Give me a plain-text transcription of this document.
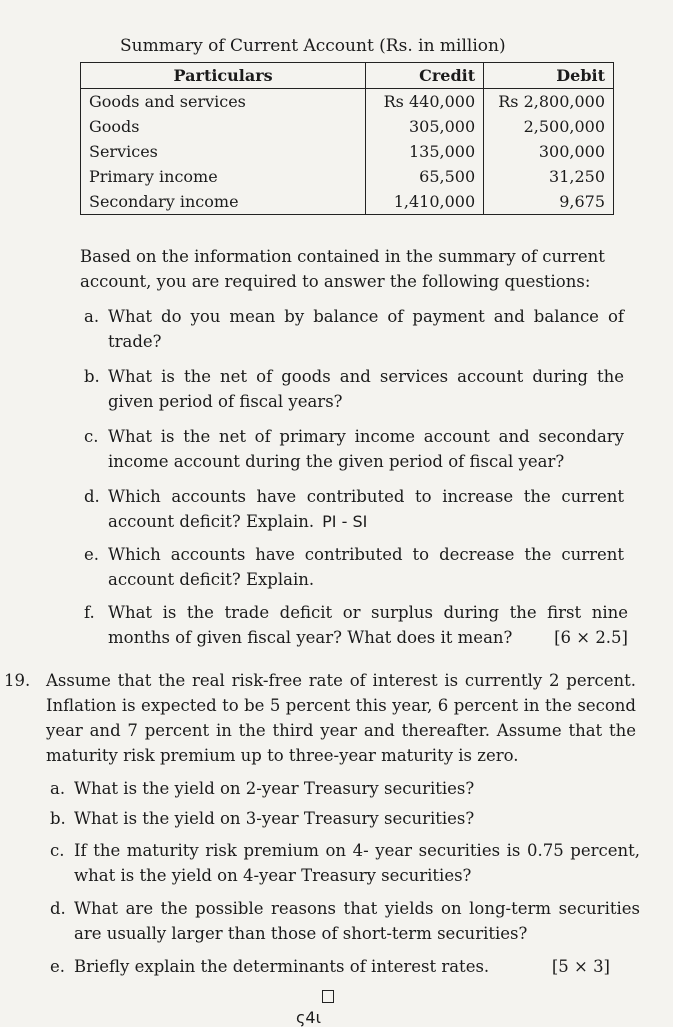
Summary of Current Account (Rs. in million)
Particulars	Credit	Debit
Goods and services	Rs 440,000	Rs 2,800,000
Goods	305,000	2,500,000
Services	135,000	300,000
Primary income	65,500	31,250
Secondary income	1,410,000	9,675
Based on the information contained in the summary of current account, you are required to answer the following questions:
a. What do you mean by balance of payment and balance of trade?
b. What is the net of goods and services account during the given period of fiscal years?
c. What is the net of primary income account and secondary income account during the given period of fiscal year?
d. Which accounts have contributed to increase the current account deficit? Explain. PI - SI
e. Which accounts have contributed to decrease the current account deficit? Explain.
f. What is the trade deficit or surplus during the first nine months of given fiscal year? What does it mean?	[6 × 2.5]
19. Assume that the real risk-free rate of interest is currently 2 percent. Inflation is expected to be 5 percent this year, 6 percent in the second year and 7 percent in the third year and thereafter. Assume that the maturity risk premium up to three-year maturity is zero.
a. What is the yield on 2-year Treasury securities?
b. What is the yield on 3-year Treasury securities?
c. If the maturity risk premium on 4- year securities is 0.75 percent, what is the yield on 4-year Treasury securities?
d. What are the possible reasons that yields on long-term securities are usually larger than those of short-term securities?
e. Briefly explain the determinants of interest rates.	[5 × 3]
ς4ι
